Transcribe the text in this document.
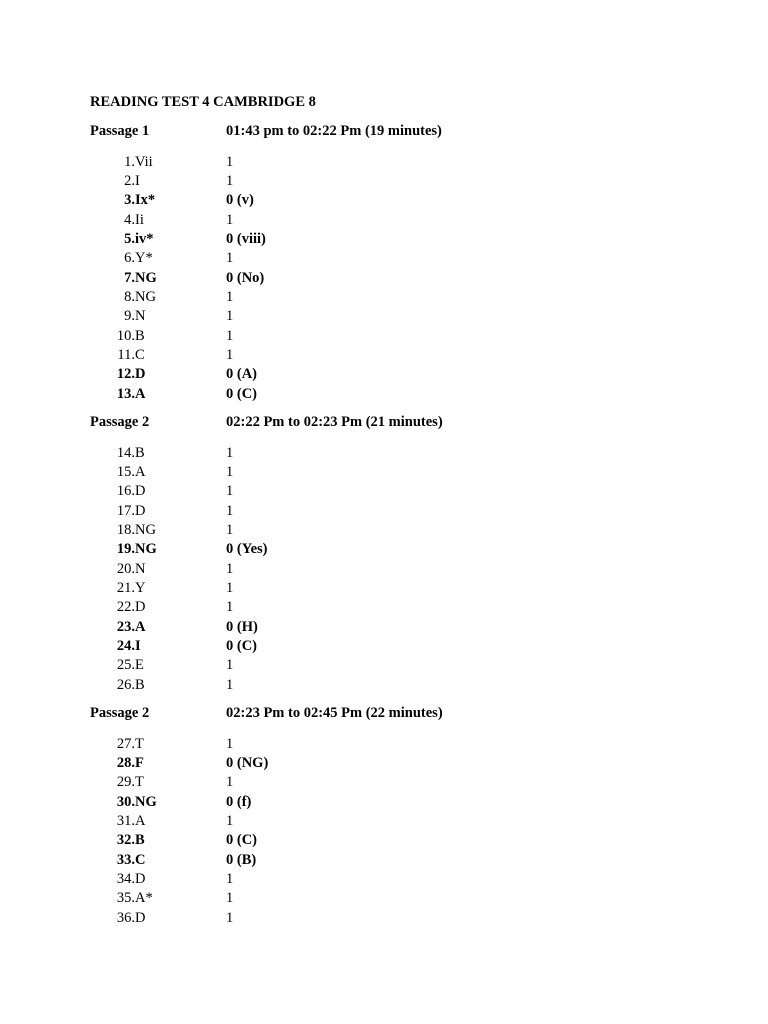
READING TEST 4 CAMBRIDGE 8
Passage 1	01:43 pm to 02:22 Pm (19 minutes)
1. Vii	1
2. I	1
3. Ix*	0 (v)
4. Ii	1
5. iv*	0 (viii)
6. Y*	1
7. NG	0 (No)
8. NG	1
9. N	1
10. B	1
11. C	1
12. D	0 (A)
13. A	0 (C)
Passage 2	02:22 Pm to 02:23 Pm (21 minutes)
14. B	1
15. A	1
16. D	1
17. D	1
18. NG	1
19. NG	0 (Yes)
20. N	1
21. Y	1
22. D	1
23. A	0 (H)
24. I	0 (C)
25. E	1
26. B	1
Passage 2	02:23 Pm to 02:45 Pm (22 minutes)
27. T	1
28. F	0 (NG)
29. T	1
30. NG	0 (f)
31. A	1
32. B	0 (C)
33. C	0 (B)
34. D	1
35. A*	1
36. D	1
